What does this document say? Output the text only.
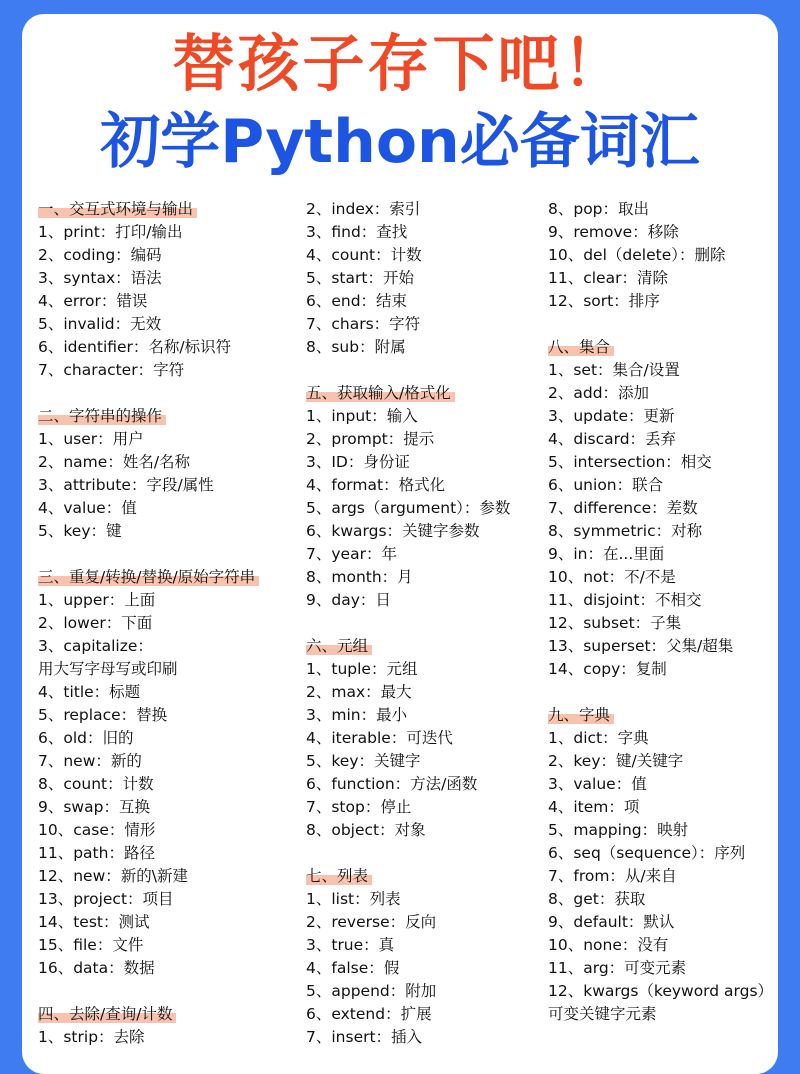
替孩子存下吧！
初学Python必备词汇
一、交互式环境与输出
1、print：打印/输出
2、coding：编码
3、syntax：语法
4、error：错误
5、invalid：无效
6、identifier：名称/标识符
7、character：字符
二、字符串的操作
1、user：用户
2、name：姓名/名称
3、attribute：字段/属性
4、value：值
5、key：键
三、重复/转换/替换/原始字符串
1、upper：上面
2、lower：下面
3、capitalize：
用大写字母写或印刷
4、title：标题
5、replace：替换
6、old：旧的
7、new：新的
8、count：计数
9、swap：互换
10、case：情形
11、path：路径
12、new：新的\新建
13、project：项目
14、test：测试
15、file：文件
16、data：数据
四、去除/查询/计数
1、strip：去除
2、index：索引
3、find：查找
4、count：计数
5、start：开始
6、end：结束
7、chars：字符
8、sub：附属
五、获取输入/格式化
1、input：输入
2、prompt：提示
3、ID：身份证
4、format：格式化
5、args（argument）：参数
6、kwargs：关键字参数
7、year：年
8、month：月
9、day：日
六、元组
1、tuple：元组
2、max：最大
3、min：最小
4、iterable：可迭代
5、key：关键字
6、function：方法/函数
7、stop：停止
8、object：对象
七、列表
1、list：列表
2、reverse：反向
3、true：真
4、false：假
5、append：附加
6、extend：扩展
7、insert：插入
8、pop：取出
9、remove：移除
10、del（delete）：删除
11、clear：清除
12、sort：排序
八、集合
1、set：集合/设置
2、add：添加
3、update：更新
4、discard：丢弃
5、intersection：相交
6、union：联合
7、difference：差数
8、symmetric：对称
9、in：在...里面
10、not：不/不是
11、disjoint：不相交
12、subset：子集
13、superset：父集/超集
14、copy：复制
九、字典
1、dict：字典
2、key：键/关键字
3、value：值
4、item：项
5、mapping：映射
6、seq（sequence）：序列
7、from：从/来自
8、get：获取
9、default：默认
10、none：没有
11、arg：可变元素
12、kwargs（keyword args）
可变关键字元素
